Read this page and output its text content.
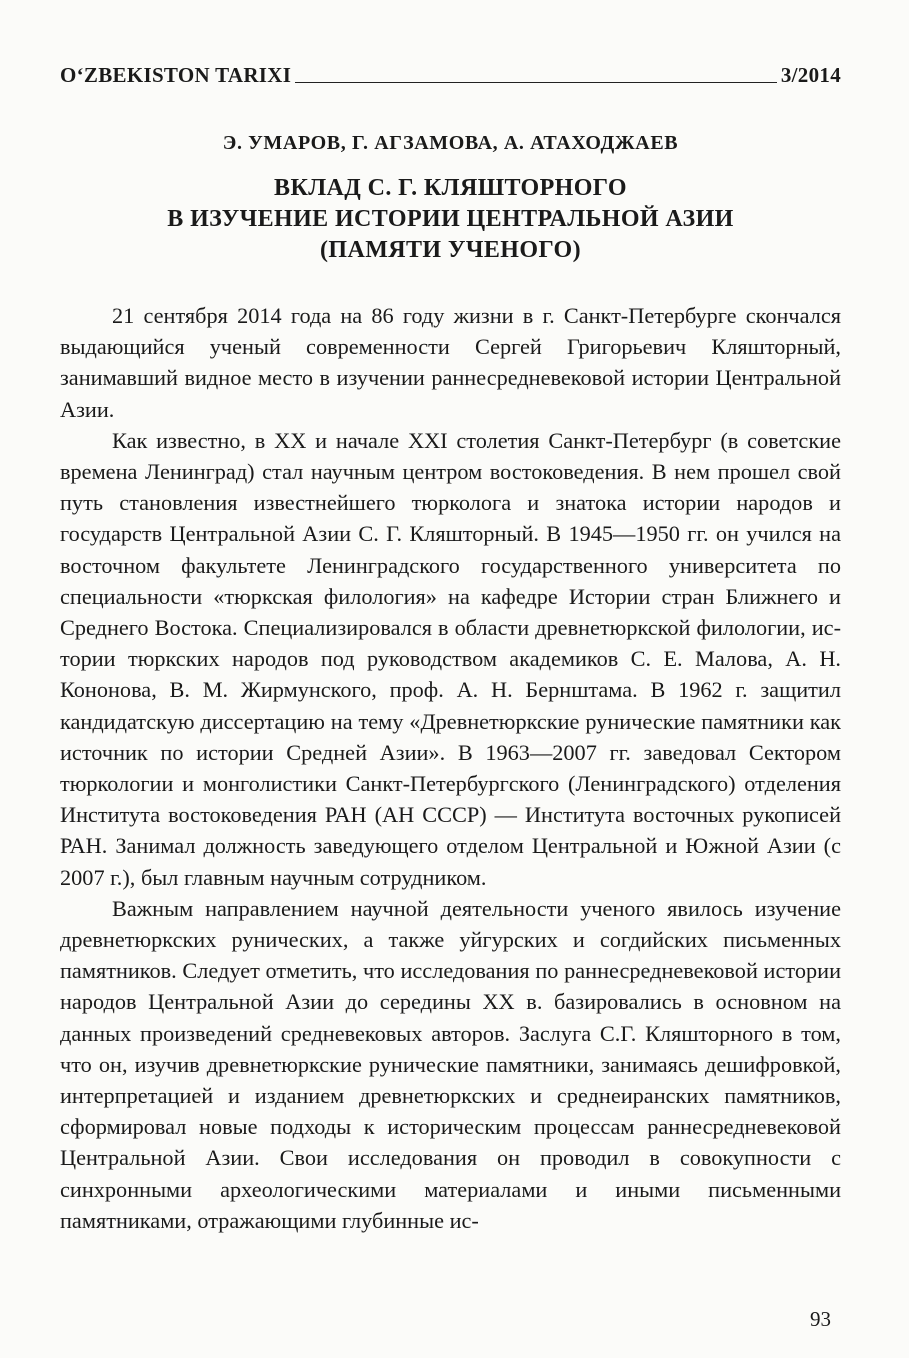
O‘ZBEKISTON TARIXI	3/2014
Э. УМАРОВ, Г. АГЗАМОВА, А. АТАХОДЖАЕВ
ВКЛАД С. Г. КЛЯШТОРНОГО
В ИЗУЧЕНИЕ ИСТОРИИ ЦЕНТРАЛЬНОЙ АЗИИ
(ПАМЯТИ УЧЕНОГО)

21 сентября 2014 года на 86 году жизни в г. Санкт-Петербурге скончался выдающийся ученый современности Сергей Григорьевич Кляшторный, занимавший видное место в изучении раннесредневековой истории Центральной Азии.

Как известно, в XX и начале XXI столетия Санкт-Петербург (в советские времена Ленинград) стал научным центром востоковедения. В нем прошел свой путь становления известнейшего тюрколога и знатока истории народов и государств Центральной Азии С. Г. Кляшторный. В 1945—1950 гг. он учился на восточном факультете Ленинградского государственного университета по специальности «тюркская филология» на кафедре Истории стран Ближнего и Среднего Востока. Специализировался в области древнетюркской филологии, истории тюркских народов под руководством академиков С. Е. Малова, А. Н. Кононова, В. М. Жирмунского, проф. А. Н. Бернштама. В 1962 г. защитил кандидатскую диссертацию на тему «Древнетюркские рунические памятники как источник по истории Средней Азии». В 1963—2007 гг. заведовал Сектором тюркологии и монголистики Санкт-Петербургского (Ленинградского) отделения Института востоковедения РАН (АН СССР) — Института восточных рукописей РАН. Занимал должность заведующего отделом Центральной и Южной Азии (с 2007 г.), был главным научным сотрудником.

Важным направлением научной деятельности ученого явилось изучение древнетюркских рунических, а также уйгурских и согдийских письменных памятников. Следует отметить, что исследования по раннесредневековой истории народов Центральной Азии до середины XX в. базировались в основном на данных произведений средневековых авторов. Заслуга С.Г. Кляшторного в том, что он, изучив древнетюркские рунические памятники, занимаясь дешифровкой, интерпретацией и изданием древнетюркских и среднеиранских памятников, сформировал новые подходы к историческим процессам раннесредневековой Центральной Азии. Свои исследования он проводил в совокупности с синхронными археологическими материалами и иными письменными памятниками, отражающими глубинные ис-

93
